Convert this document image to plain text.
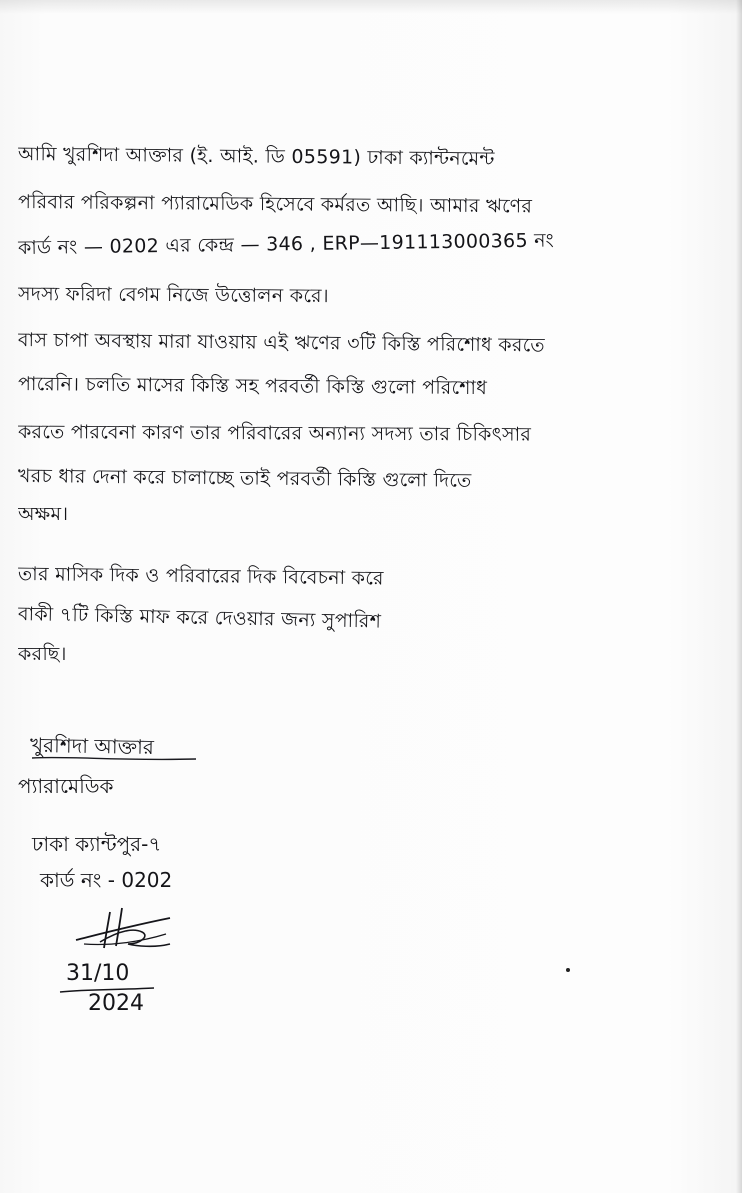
আমি খুরশিদা আক্তার (ই. আই. ডি 05591) ঢাকা ক্যান্টনমেন্ট
পরিবার পরিকল্পনা প্যারামেডিক হিসেবে কর্মরত আছি। আমার ঋণের
কার্ড নং — 0202 এর কেন্দ্র — 346 , ERP—191113000365 নং
সদস্য ফরিদা বেগম নিজে উত্তোলন করে।
বাস চাপা অবস্থায় মারা যাওয়ায় এই ঋণের ৩টি কিস্তি পরিশোধ করতে
পারেনি। চলতি মাসের কিস্তি সহ পরবর্তী কিস্তি গুলো পরিশোধ
করতে পারবেনা কারণ তার পরিবারের অন্যান্য সদস্য তার চিকিৎসার
খরচ ধার দেনা করে চালাচ্ছে তাই পরবর্তী কিস্তি গুলো দিতে
অক্ষম।
তার মাসিক দিক ও পরিবারের দিক বিবেচনা করে
বাকী ৭টি কিস্তি মাফ করে দেওয়ার জন্য সুপারিশ
করছি।
খুরশিদা আক্তার
প্যারামেডিক
ঢাকা ক্যান্টপুর-৭
কার্ড নং - 0202
31/10
2024
